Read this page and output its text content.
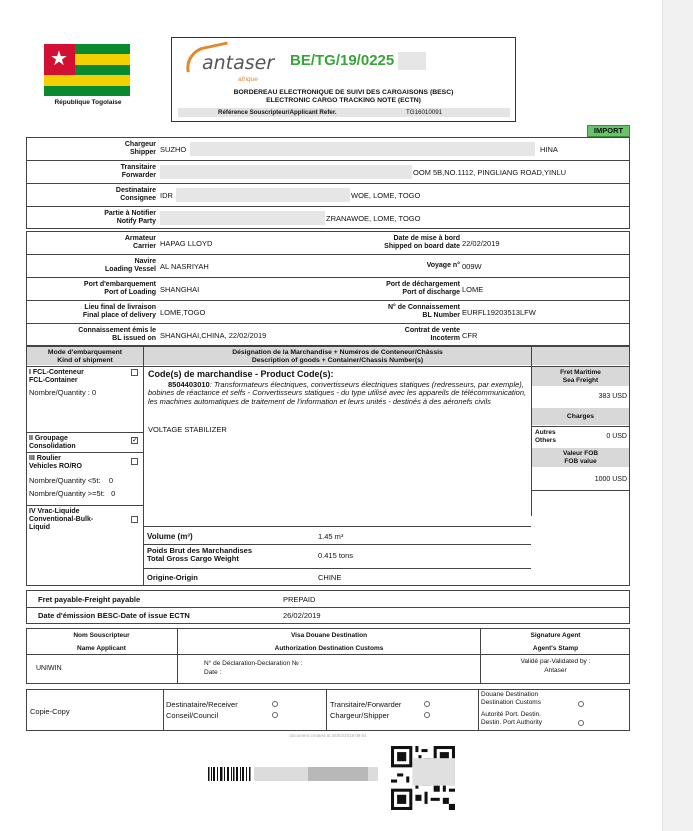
★
République Togolaise
antaser
afrique
BE/TG/19/0225
BORDEREAU ELECTRONIQUE DE SUIVI DES CARGAISONS (BESC)
ELECTRONIC CARGO TRACKING NOTE (ECTN)
Référence Souscripteur/Applicant Refer.	TG16010091
IMPORT
Chargeur
Shipper SUZHO	HINA
Transitaire
Forwarder	OOM 5B,NO.1112, PINGLIANG ROAD,YINLU
Destinataire
Consignee IDR	WOE, LOME, TOGO
Partie à Notifier
Notify Party	ZRANAWOE, LOME, TOGO
Armateur
Carrier HAPAG LLOYD
Date de mise à bord
Shipped on board date 22/02/2019
Navire
Loading Vessel AL NASRIYAH	Voyage n° 009W
Port d'embarquement
Port of Loading SHANGHAI
Port de déchargement
Port of discharge LOME
Lieu final de livraison
Final place of delivery LOME,TOGO
N° de Connaissement
BL Number EURFL19203513LFW
Connaissement émis le
BL issued on SHANGHAI,CHINA, 22/02/2019
Contrat de vente
Incoterm CFR
Mode d'embarquement
Kind of shipment
Désignation de la Marchandise + Numéros de Conteneur/Châssis
Description of goods + Container/Chassis Number(s)
I FCL-Conteneur
FCL-Container
Nombre/Quantity : 0
II Groupage
Consolidation
✓
III Roulier
Vehicles RO/RO
Nombre/Quantity <5t:    0
Nombre/Quantity >=5t:   0
IV Vrac-Liquide
Conventional-Bulk-
Liquid
Code(s) de marchandise - Product Code(s):
8504403010: Transformateurs électriques, convertisseurs électriques statiques (redresseurs, par exemple), bobines de réactance et selfs - Convertisseurs statiques - du type utilisé avec les appareils de télécommunication, les machines automatiques de traitement de l'information et leurs unités - destinés à des aéronefs civils
VOLTAGE STABILIZER
Volume (m³)	1.45 m³
Poids Brut des Marchandises
Total Gross Cargo Weight	0.415 tons
Origine-Origin	CHINE
Fret Maritime
Sea Freight
383 USD
Charges
Autres
Others	0 USD
Valeur FOB
FOB value
1000 USD
Fret payable-Freight payable	PREPAID
Date d'émission BESC-Date of issue ECTN	26/02/2019
Nom Souscripteur
Name Applicant
UNIWIN
Visa Douane Destination
Authorization Destination Customs
N° de Déclaration-Declaration № :
Date :
Signature Agent
Agent's Stamp
Validé par-Validated by :
Antaser
Copie-Copy
Destinataire/Receiver
Conseil/Council
Transitaire/Forwarder
Chargeur/Shipper
Douane Destination
Destination Customs
Autorité Port. Destin.
Destin. Port Authority
document created at 26/02/2019 09:04
